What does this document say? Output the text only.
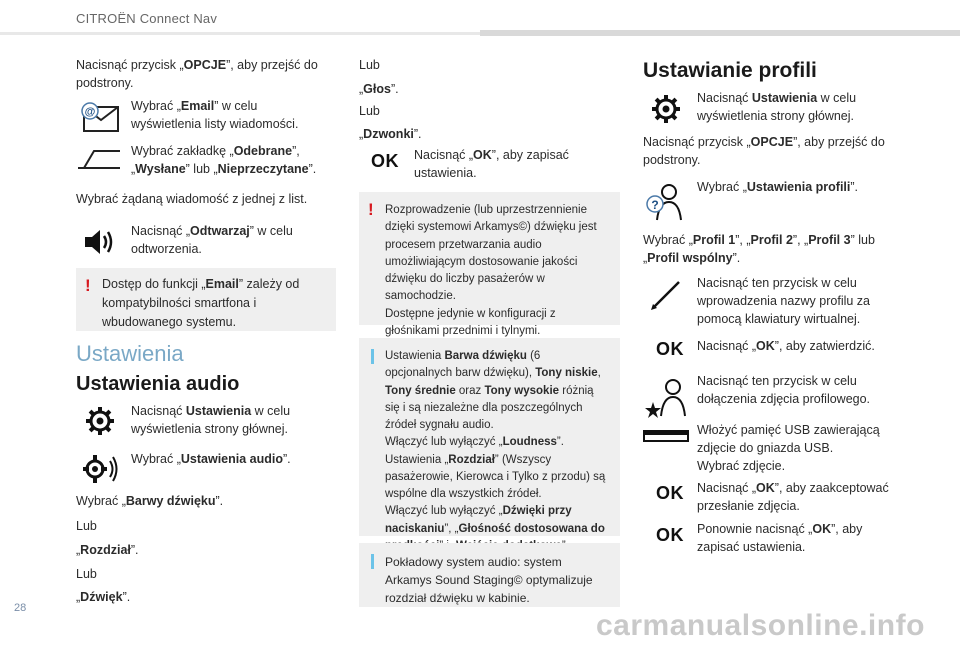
CITROËN Connect Nav

Nacisnąć przycisk „OPCJE”, aby przejść do podstrony.

@	Wybrać „Email” w celu wyświetlenia listy wiadomości.

Wybrać zakładkę „Odebrane”, „Wysłane” lub „Nieprzeczytane”.

Wybrać żądaną wiadomość z jednej z list.

Nacisnąć „Odtwarzaj” w celu odtworzenia.

! Dostęp do funkcji „Email” zależy od kompatybilności smartfona i wbudowanego systemu.

Ustawienia
Ustawienia audio

Nacisnąć Ustawienia w celu wyświetlenia strony głównej.

Wybrać „Ustawienia audio”.

Wybrać „Barwy dźwięku”.

Lub

„Rozdział”.

Lub

„Dźwięk”.

Lub

„Głos”.

Lub

„Dzwonki”.

OK	Nacisnąć „OK”, aby zapisać ustawienia.

! Rozprowadzenie (lub uprzestrzennienie dzięki systemowi Arkamys©) dźwięku jest procesem przetwarzania audio umożliwiającym dostosowanie jakości dźwięku do liczby pasażerów w samochodzie.
Dostępne jedynie w konfiguracji z głośnikami przednimi i tylnymi.

Ustawienia Barwa dźwięku (6 opcjonalnych barw dźwięku), Tony niskie, Tony średnie oraz Tony wysokie różnią się i są niezależne dla poszczególnych źródeł sygnału audio.

Włączyć lub wyłączyć „Loudness”.

Ustawienia „Rozdział” (Wszyscy pasażerowie, Kierowca i Tylko z przodu) są wspólne dla wszystkich źródeł.

Włączyć lub wyłączyć „Dźwięki przy naciskaniu”, „Głośność dostosowana do

Pokładowy system audio: system Arkamys Sound Staging© optymalizuje rozdział dźwięku w kabinie.

Ustawianie profili

Nacisnąć Ustawienia w celu wyświetlenia strony głównej.

Nacisnąć przycisk „OPCJE”, aby przejść do podstrony.

?

Wybrać „Ustawienia profili”.

Wybrać „Profil 1”, „Profil 2”, „Profil 3” lub „Profil wspólny”.

Nacisnąć ten przycisk w celu wprowadzenia nazwy profilu za pomocą klawiatury wirtualnej.

OK	Nacisnąć „OK”, aby zatwierdzić.

Nacisnąć ten przycisk w celu dołączenia zdjęcia profilowego.

Włożyć pamięć USB zawierającą zdjęcie do gniazda USB.
Wybrać zdjęcie.

OK	Nacisnąć „OK”, aby zaakceptować przesłanie zdjęcia.

OK	Ponownie nacisnąć „OK”, aby zapisać ustawienia.

28
carmanualsonline.info
